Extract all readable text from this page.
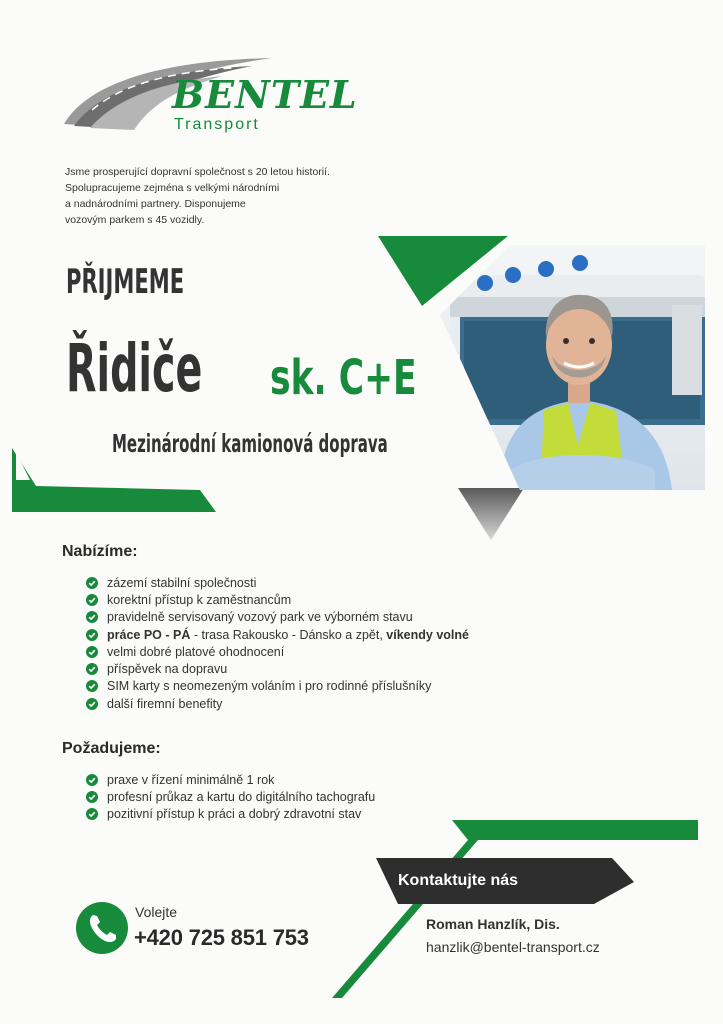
BENTEL
Transport
Jsme prosperující dopravní společnost s 20 letou historií.
Spolupracujeme zejména s velkými národními
a nadnárodními partnery. Disponujeme
vozovým parkem s 45 vozidly.
PŘIJMEME
Řidiče sk. C+E
Mezinárodní kamionová doprava
Nabízíme:
zázemí stabilní společnosti
korektní přístup k zaměstnancům
pravidelně servisovaný vozový park ve výborném stavu
práce PO - PÁ - trasa Rakousko - Dánsko a zpět, víkendy volné
velmi dobré platové ohodnocení
příspěvek na dopravu
SIM karty s neomezeným voláním i pro rodinné příslušníky
další firemní benefity
Požadujeme:
praxe v řízení minimálně 1 rok
profesní průkaz a kartu do digitálního tachografu
pozitivní přístup k práci a dobrý zdravotní stav
Kontaktujte nás
Roman Hanzlík, Dis.
hanzlik@bentel-transport.cz
Volejte
+420 725 851 753
